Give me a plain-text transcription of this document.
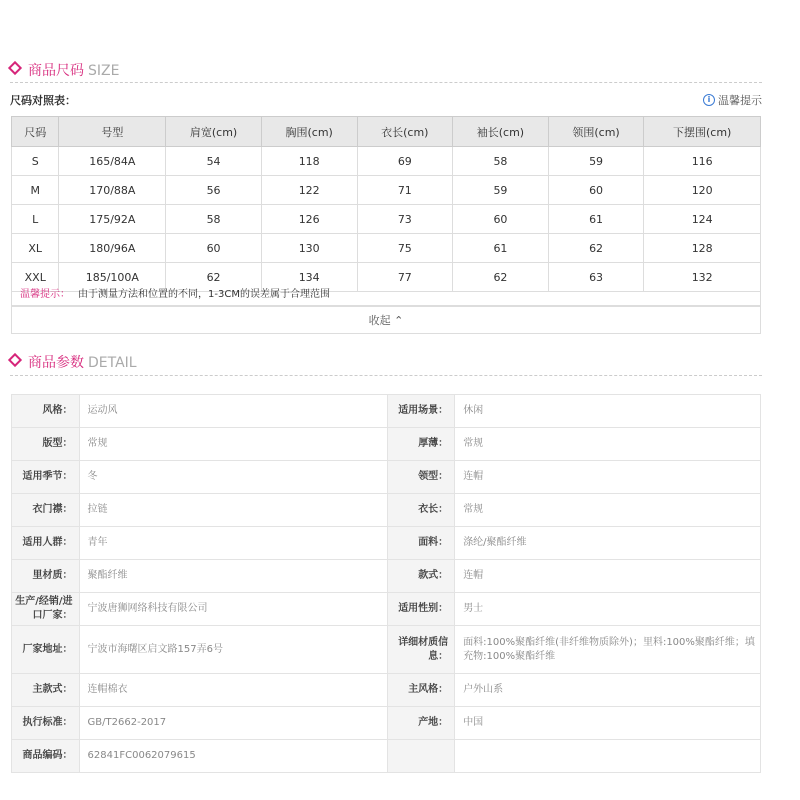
商品尺码 SIZE
尺码对照表：	i 温馨提示
尺码	号型	肩宽(cm)	胸围(cm)	衣长(cm)	袖长(cm)	领围(cm)	下摆围(cm)
S	165/84A	54	118	69	58	59	116
M	170/88A	56	122	71	59	60	120
L	175/92A	58	126	73	60	61	124
XL	180/96A	60	130	75	61	62	128
XXL	185/100A	62	134	77	62	63	132
温馨提示： 由于测量方法和位置的不同，1-3CM的误差属于合理范围
收起 ⌃
商品参数 DETAIL
风格：	运动风	适用场景：	休闲
版型：	常规	厚薄：	常规
适用季节：	冬	领型：	连帽
衣门襟：	拉链	衣长：	常规
适用人群：	青年	面料：	涤纶/聚酯纤维
里材质：	聚酯纤维	款式：	连帽
生产/经销/进口厂家：	宁波唐狮网络科技有限公司	适用性别：	男士
厂家地址：	宁波市海曙区启文路157弄6号	详细材质信息：	面料:100%聚酯纤维(非纤维物质除外)；里料:100%聚酯纤维；填充物:100%聚酯纤维
主款式：	连帽棉衣	主风格：	户外山系
执行标准：	GB/T2662-2017	产地：	中国
商品编码：	62841FC0062079615		
